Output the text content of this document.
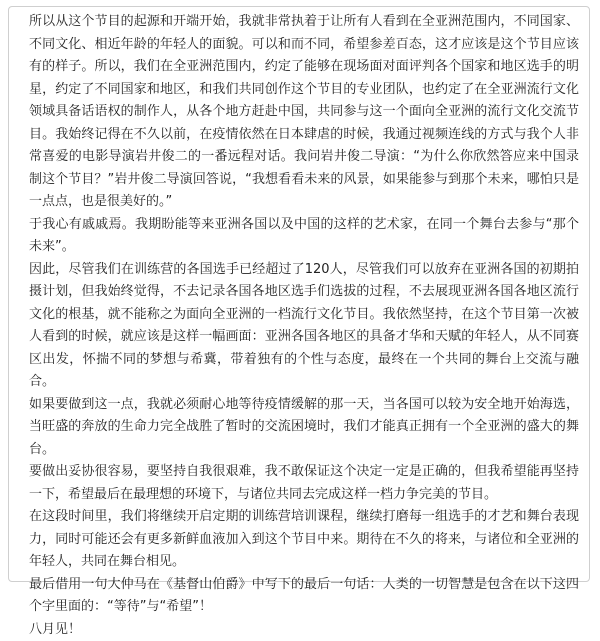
所以从这个节目的起源和开端开始，我就非常执着于让所有人看到在全亚洲范围内，不同国家、不同文化、相近年龄的年轻人的面貌。可以和而不同，希望参差百态，这才应该是这个节目应该有的样子。所以，我们在全亚洲范围内，约定了能够在现场面对面评判各个国家和地区选手的明星，约定了不同国家和地区，和我们共同创作这个节目的专业团队，也约定了在全亚洲流行文化领域具备话语权的制作人，从各个地方赶赴中国，共同参与这一个面向全亚洲的流行文化交流节目。我始终记得在不久以前，在疫情依然在日本肆虐的时候，我通过视频连线的方式与我个人非常喜爱的电影导演岩井俊二的一番远程对话。我问岩井俊二导演：“为什么你欣然答应来中国录制这个节目？”岩井俊二导演回答说，“我想看看未来的风景，如果能参与到那个未来，哪怕只是一点点，也是很美好的。”

于我心有戚戚焉。我期盼能等来亚洲各国以及中国的这样的艺术家，在同一个舞台去参与“那个未来”。

因此，尽管我们在训练营的各国选手已经超过了120人，尽管我们可以放弃在亚洲各国的初期拍摄计划，但我始终觉得，不去记录各国各地区选手们选拔的过程，不去展现亚洲各国各地区流行文化的根基，就不能称之为面向全亚洲的一档流行文化节目。我依然坚持，在这个节目第一次被人看到的时候，就应该是这样一幅画面：亚洲各国各地区的具备才华和天赋的年轻人，从不同赛区出发，怀揣不同的梦想与希冀，带着独有的个性与态度，最终在一个共同的舞台上交流与融合。

如果要做到这一点，我就必须耐心地等待疫情缓解的那一天，当各国可以较为安全地开始海选，当旺盛的奔放的生命力完全战胜了暂时的交流困境时，我们才能真正拥有一个全亚洲的盛大的舞台。

要做出妥协很容易，要坚持自我很艰难，我不敢保证这个决定一定是正确的，但我希望能再坚持一下，希望最后在最理想的环境下，与诸位共同去完成这样一档力争完美的节目。

在这段时间里，我们将继续开启定期的训练营培训课程，继续打磨每一组选手的才艺和舞台表现力，同时可能还会有更多新鲜血液加入到这个节目中来。期待在不久的将来，与诸位和全亚洲的年轻人，共同在舞台相见。

最后借用一句大仲马在《基督山伯爵》中写下的最后一句话：人类的一切智慧是包含在以下这四个字里面的：“等待”与“希望”！

八月见！
